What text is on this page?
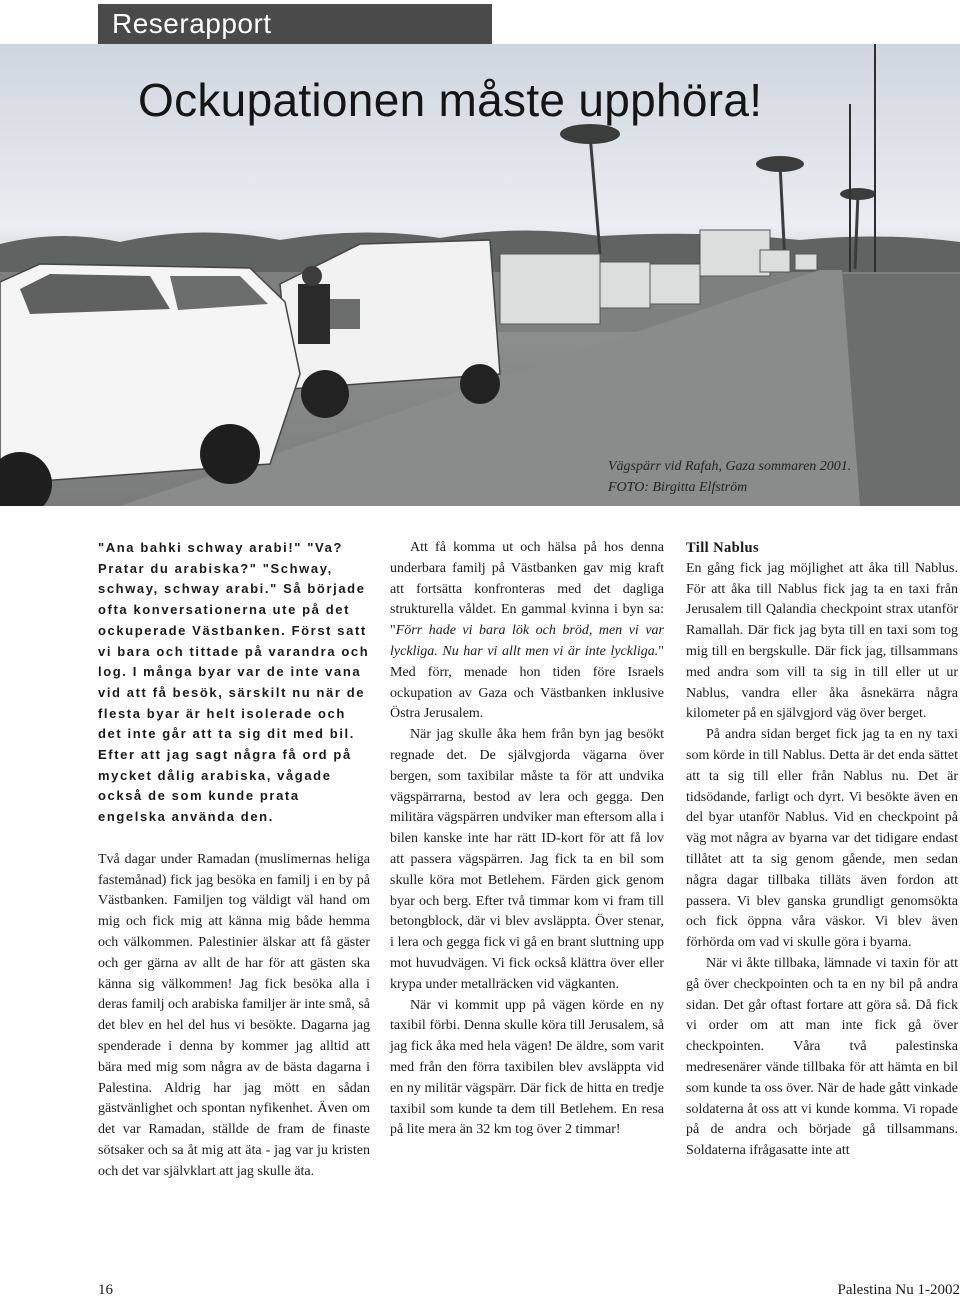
Reserapport
Ockupationen måste upphöra!
Vägspärr vid Rafah, Gaza sommaren 2001.
FOTO: Birgitta Elfström

"Ana bahki schway arabi!" "Va? Pratar du arabiska?" "Schway, schway, schway arabi." Så började ofta konversationerna ute på det ockuperade Västbanken. Först satt vi bara och tittade på varandra och log. I många byar var de inte vana vid att få besök, särskilt nu när de flesta byar är helt isolerade och det inte går att ta sig dit med bil. Efter att jag sagt några få ord på mycket dålig arabiska, vågade också de som kunde prata engelska använda den.

Två dagar under Ramadan (muslimernas heliga fastemånad) fick jag besöka en familj i en by på Västbanken. Familjen tog väldigt väl hand om mig och fick mig att känna mig både hemma och välkommen. Palestinier älskar att få gäster och ger gärna av allt de har för att gästen ska känna sig välkommen! Jag fick besöka alla i deras familj och arabiska familjer är inte små, så det blev en hel del hus vi besökte. Dagarna jag spenderade i denna by kommer jag alltid att bära med mig som några av de bästa dagarna i Palestina. Aldrig har jag mött en sådan gästvänlighet och spontan nyfikenhet. Även om det var Ramadan, ställde de fram de finaste sötsaker och sa åt mig att äta - jag var ju kristen och det var självklart att jag skulle äta.

Att få komma ut och hälsa på hos denna underbara familj på Västbanken gav mig kraft att fortsätta konfronteras med det dagliga strukturella våldet. En gammal kvinna i byn sa: "Förr hade vi bara lök och bröd, men vi var lyckliga. Nu har vi allt men vi är inte lyckliga." Med förr, menade hon tiden före Israels ockupation av Gaza och Västbanken inklusive Östra Jerusalem.

När jag skulle åka hem från byn jag besökt regnade det. De självgjorda vägarna över bergen, som taxibilar måste ta för att undvika vägspärrarna, bestod av lera och gegga. Den militära vägspärren undviker man eftersom alla i bilen kanske inte har rätt ID-kort för att få lov att passera vägspärren. Jag fick ta en bil som skulle köra mot Betlehem. Färden gick genom byar och berg. Efter två timmar kom vi fram till betongblock, där vi blev avsläppta. Över stenar, i lera och gegga fick vi gå en brant sluttning upp mot huvudvägen. Vi fick också klättra över eller krypa under metallräcken vid vägkanten.

När vi kommit upp på vägen körde en ny taxibil förbi. Denna skulle köra till Jerusalem, så jag fick åka med hela vägen! De äldre, som varit med från den förra taxibilen blev avsläppta vid en ny militär vägspärr. Där fick de hitta en tredje taxibil som kunde ta dem till Betlehem. En resa på lite mera än 32 km tog över 2 timmar!

Till Nablus

En gång fick jag möjlighet att åka till Nablus. För att åka till Nablus fick jag ta en taxi från Jerusalem till Qalandia checkpoint strax utanför Ramallah. Där fick jag byta till en taxi som tog mig till en bergskulle. Där fick jag, tillsammans med andra som vill ta sig in till eller ut ur Nablus, vandra eller åka åsnekärra några kilometer på en självgjord väg över berget.

På andra sidan berget fick jag ta en ny taxi som körde in till Nablus. Detta är det enda sättet att ta sig till eller från Nablus nu. Det är tidsödande, farligt och dyrt. Vi besökte även en del byar utanför Nablus. Vid en checkpoint på väg mot några av byarna var det tidigare endast tillåtet att ta sig genom gående, men sedan några dagar tillbaka tilläts även fordon att passera. Vi blev ganska grundligt genomsökta och fick öppna våra väskor. Vi blev även förhörda om vad vi skulle göra i byarna.

När vi åkte tillbaka, lämnade vi taxin för att gå över checkpointen och ta en ny bil på andra sidan. Det går oftast fortare att göra så. Då fick vi order om att man inte fick gå över checkpointen. Våra två palestinska medresenärer vände tillbaka för att hämta en bil som kunde ta oss över. När de hade gått vinkade soldaterna åt oss att vi kunde komma. Vi ropade på de andra och började gå tillsammans. Soldaterna ifrågasatte inte att

16	Palestina Nu 1-2002
